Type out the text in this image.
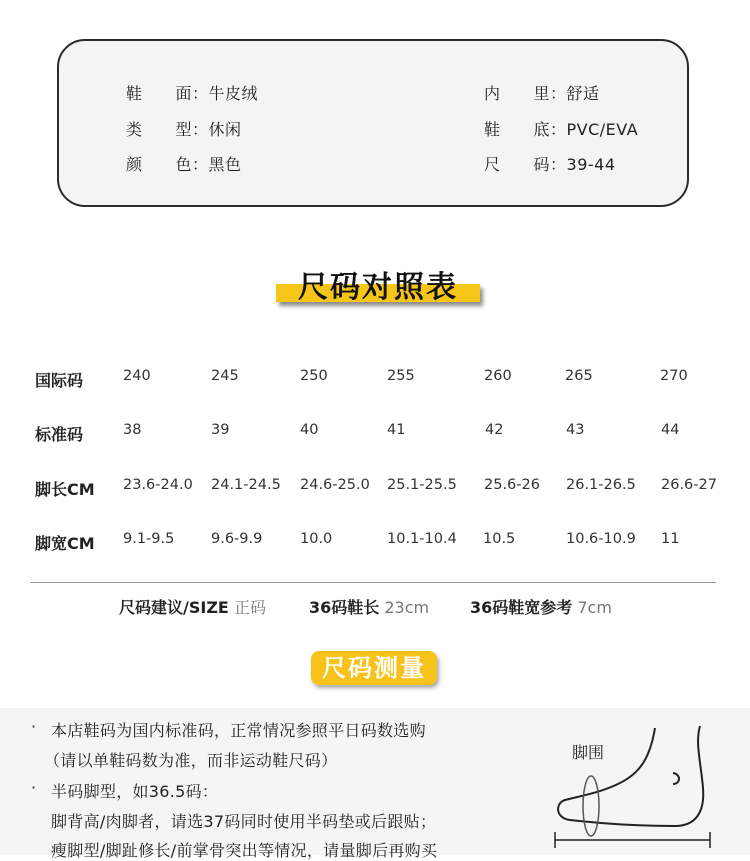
鞋　　面：牛皮绒
类　　型：休闲
颜　　色：黑色
内　　里：舒适
鞋　　底：PVC/EVA
尺　　码：39-44
尺码对照表
国际码	240	245	250	255	260	265	270
标准码	38	39	40	41	42	43	44
脚长CM 23.6-24.0 24.1-24.5 24.6-25.0 25.1-25.5 25.6-26 26.1-26.5 26.6-27
脚宽CM 9.1-9.5	9.6-9.9	10.0	10.1-10.4 10.5	10.6-10.9 11
尺码建议/SIZE 正码	36码鞋长 23cm	36码鞋宽参考 7cm
尺码测量
· 本店鞋码为国内标准码，正常情况参照平日码数选购
（请以单鞋码数为准，而非运动鞋尺码）
· 半码脚型，如36.5码：
脚背高/肉脚者，请选37码同时使用半码垫或后跟贴；
瘦脚型/脚趾修长/前掌骨突出等情况，请量脚后再购买
脚围
